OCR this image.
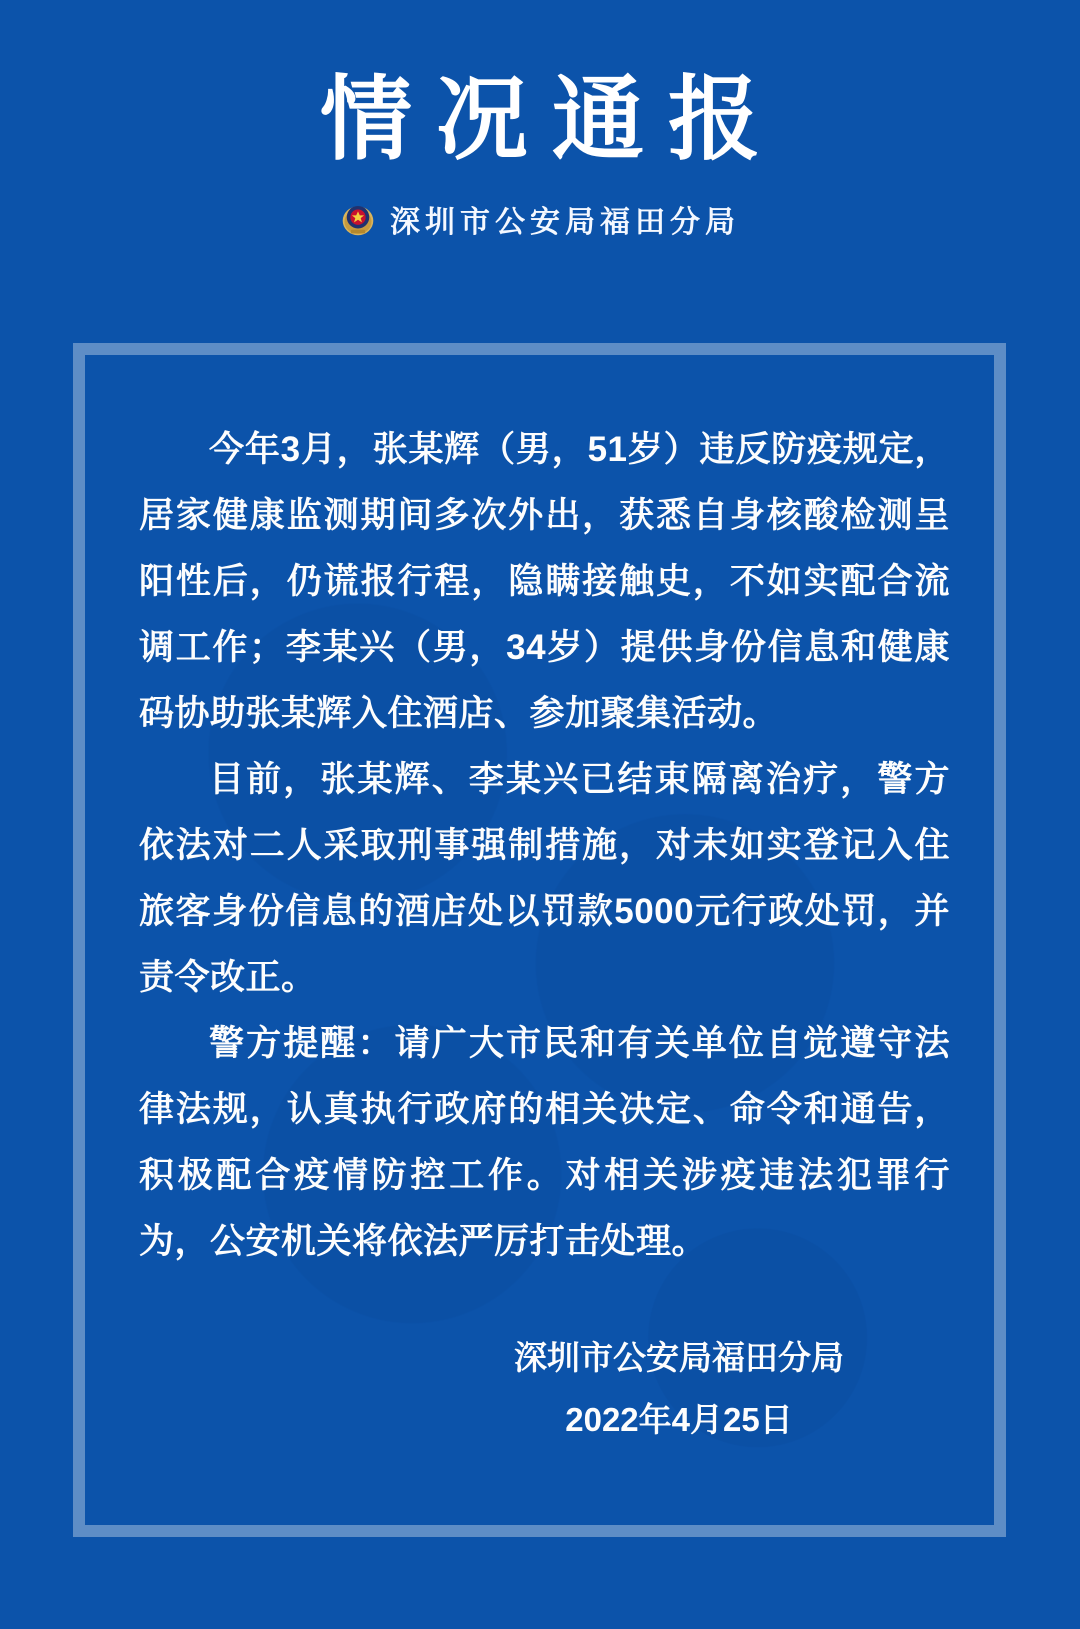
情况通报
深圳市公安局福田分局

今年3月，张某辉（男，51岁）违反防疫规定，居家健康监测期间多次外出，获悉自身核酸检测呈阳性后，仍谎报行程，隐瞒接触史，不如实配合流调工作；李某兴（男，34岁）提供身份信息和健康码协助张某辉入住酒店、参加聚集活动。

目前，张某辉、李某兴已结束隔离治疗，警方依法对二人采取刑事强制措施，对未如实登记入住旅客身份信息的酒店处以罚款5000元行政处罚，并责令改正。

警方提醒：请广大市民和有关单位自觉遵守法律法规，认真执行政府的相关决定、命令和通告，积极配合疫情防控工作。对相关涉疫违法犯罪行为，公安机关将依法严厉打击处理。

深圳市公安局福田分局
2022年4月25日
